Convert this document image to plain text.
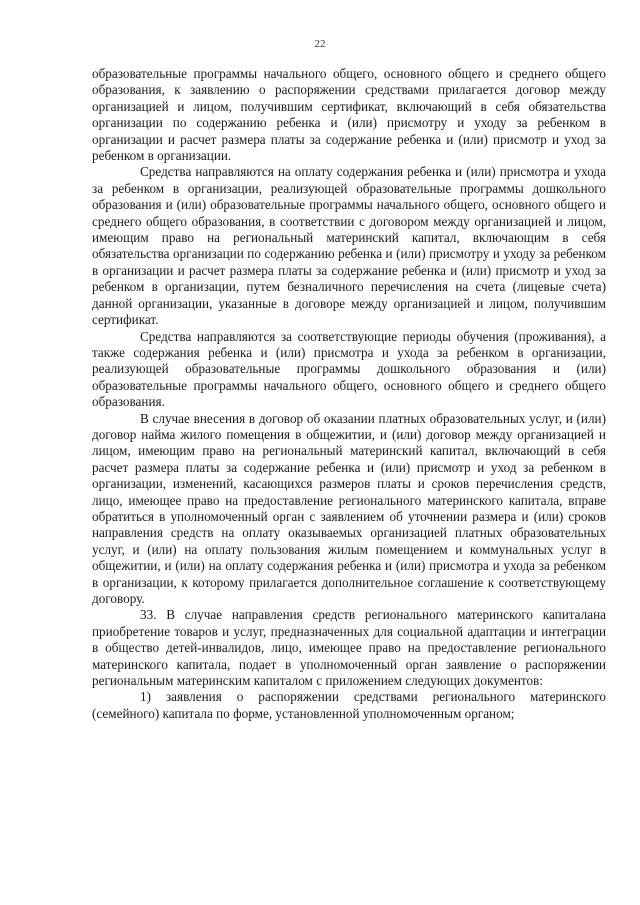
22

образовательные программы начального общего, основного общего и среднего общего образования, к заявлению о распоряжении средствами прилагается договор между организацией и лицом, получившим сертификат, включающий в себя обязательства организации по содержанию ребенка и (или) присмотру и уходу за ребенком в организации и расчет размера платы за содержание ребенка и (или) присмотр и уход за ребенком в организации.

Средства направляются на оплату содержания ребенка и (или) присмотра и ухода за ребенком в организации, реализующей образовательные программы дошкольного образования и (или) образовательные программы начального общего, основного общего и среднего общего образования, в соответствии с договором между организацией и лицом, имеющим право на региональный материнский капитал, включающим в себя обязательства организации по содержанию ребенка и (или) присмотру и уходу за ребенком в организации и расчет размера платы за содержание ребенка и (или) присмотр и уход за ребенком в организации, путем безналичного перечисления на счета (лицевые счета) данной организации, указанные в договоре между организацией и лицом, получившим сертификат.

Средства направляются за соответствующие периоды обучения (проживания), а также содержания ребенка и (или) присмотра и ухода за ребенком в организации, реализующей образовательные программы дошкольного образования и (или) образовательные программы начального общего, основного общего и среднего общего образования.

В случае внесения в договор об оказании платных образовательных услуг, и (или) договор найма жилого помещения в общежитии, и (или) договор между организацией и лицом, имеющим право на региональный материнский капитал, включающий в себя расчет размера платы за содержание ребенка и (или) присмотр и уход за ребенком в организации, изменений, касающихся размеров платы и сроков перечисления средств, лицо, имеющее право на предоставление регионального материнского капитала, вправе обратиться в уполномоченный орган с заявлением об уточнении размера и (или) сроков направления средств на оплату оказываемых организацией платных образовательных услуг, и (или) на оплату пользования жилым помещением и коммунальных услуг в общежитии, и (или) на оплату содержания ребенка и (или) присмотра и ухода за ребенком в организации, к которому прилагается дополнительное соглашение к соответствующему договору.

33. В случае направления средств регионального материнского капиталана приобретение товаров и услуг, предназначенных для социальной адаптации и интеграции в общество детей-инвалидов, лицо, имеющее право на предоставление регионального материнского капитала, подает в уполномоченный орган заявление о распоряжении региональным материнским капиталом с приложением следующих документов:

1) заявления о распоряжении средствами регионального материнского (семейного) капитала по форме, установленной уполномоченным органом;
